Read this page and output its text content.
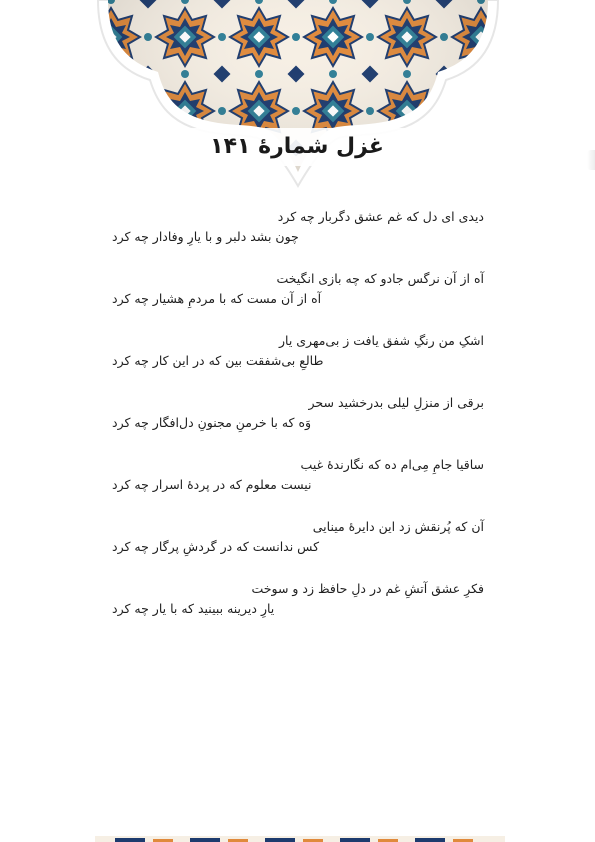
غزل شمارهٔ ۱۴۱
دیدی ای دل که غم عشق دگربار چه کرد
چون بشد دلبر و با یارِ وفادار چه کرد
آه از آن نرگس جادو که چه بازی انگیخت
آه از آن مست که با مردمِ هشیار چه کرد
اشکِ من رنگِ شفق یافت ز بی‌مهری یار
طالعِ بی‌شفقت بین که در این کار چه کرد
برقی از منزلِ لیلی بدرخشید سحر
وَه که با خرمنِ مجنونِ دل‌افگار چه کرد
ساقیا جامِ مِی‌ام ده که نگارندهٔ غیب
نیست معلوم که در پردهٔ اسرار چه کرد
آن که پُرنقش زد این دایرهٔ مینایی
کس ندانست که در گردشِ پرگار چه کرد
فکرِ عشق آتشِ غم در دلِ حافظ زد و سوخت
یارِ دیرینه ببینید که با یار چه کرد
